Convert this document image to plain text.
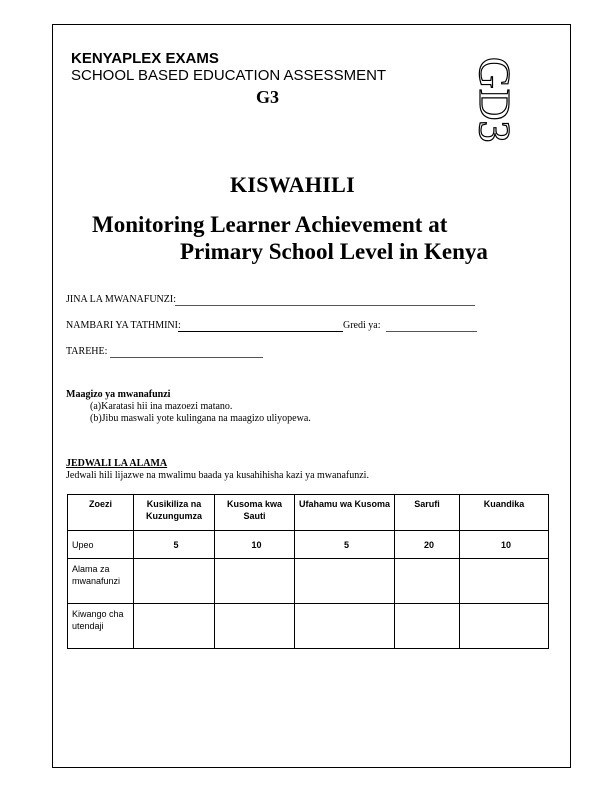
KENYAPLEX EXAMS
SCHOOL BASED EDUCATION ASSESSMENT
G3	GD3
KISWAHILI
Monitoring Learner Achievement at
Primary School Level in Kenya
JINA LA MWANAFUNZI:
NAMBARI YA TATHMINI:	Gredi ya:
TAREHE:
Maagizo ya mwanafunzi
(a)Karatasi hii ina mazoezi matano.
(b)Jibu maswali yote kulingana na maagizo uliyopewa.
JEDWALI LA ALAMA
Jedwali hili lijazwe na mwalimu baada ya kusahihisha kazi ya mwanafunzi.
Zoezi	Kusikiliza na Kuzungumza	Kusoma kwa Sauti	Ufahamu wa Kusoma	Sarufi	Kuandika
Upeo	5	10	5	20	10
Alama za mwanafunzi					
Kiwango cha utendaji					
